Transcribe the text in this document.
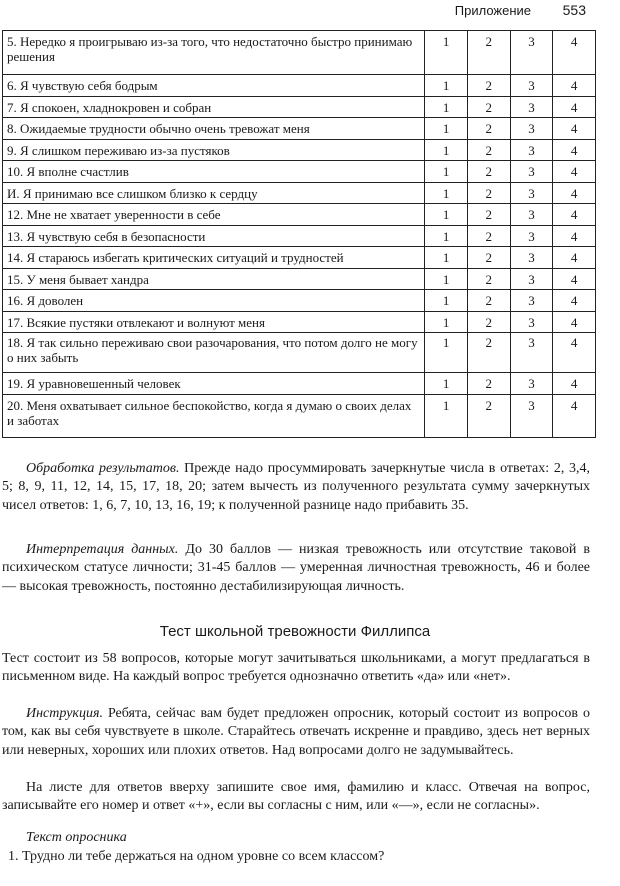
Приложение 553
5. Нередко я проигрываю из-за того, что недостаточно быстро принимаю решения	1	2	3	4
6. Я чувствую себя бодрым	1	2	3	4
7. Я спокоен, хладнокровен и собран	1	2	3	4
8. Ожидаемые трудности обычно очень тревожат меня	1	2	3	4
9. Я слишком переживаю из-за пустяков	1	2	3	4
10. Я вполне счастлив	1	2	3	4
И. Я принимаю все слишком близко к сердцу	1	2	3	4
12. Мне не хватает уверенности в себе	1	2	3	4
13. Я чувствую себя в безопасности	1	2	3	4
14. Я стараюсь избегать критических ситуаций и трудностей	1	2	3	4
15. У меня бывает хандра	1	2	3	4
16. Я доволен	1	2	3	4
17. Всякие пустяки отвлекают и волнуют меня	1	2	3	4
18. Я так сильно переживаю свои разочарования, что потом долго не могу о них забыть	1	2	3	4
19. Я уравновешенный человек	1	2	3	4
20. Меня охватывает сильное беспокойство, когда я думаю о своих делах и заботах	1	2	3	4

Обработка результатов. Прежде надо просуммировать зачеркнутые числа в ответах: 2, 3,4, 5; 8, 9, 11, 12, 14, 15, 17, 18, 20; затем вычесть из полученного результата сумму зачеркнутых чисел ответов: 1, 6, 7, 10, 13, 16, 19; к полученной разнице надо прибавить 35.

Интерпретация данных. До 30 баллов — низкая тревожность или отсутствие таковой в психическом статусе личности; 31-45 баллов — умеренная личностная тревожность, 46 и более — высокая тревожность, постоянно дестабилизирующая личность.

Тест школьной тревожности Филлипса

Тест состоит из 58 вопросов, которые могут зачитываться школьниками, а могут предлагаться в письменном виде. На каждый вопрос требуется однозначно ответить «да» или «нет».

Инструкция. Ребята, сейчас вам будет предложен опросник, который состоит из вопросов о том, как вы себя чувствуете в школе. Старайтесь отвечать искренне и правдиво, здесь нет верных или неверных, хороших или плохих ответов. Над вопросами долго не задумывайтесь.

На листе для ответов вверху запишите свое имя, фамилию и класс. Отвечая на вопрос, записывайте его номер и ответ «+», если вы согласны с ним, или «—», если не согласны».

Текст опросника

1. Трудно ли тебе держаться на одном уровне со всем классом?
